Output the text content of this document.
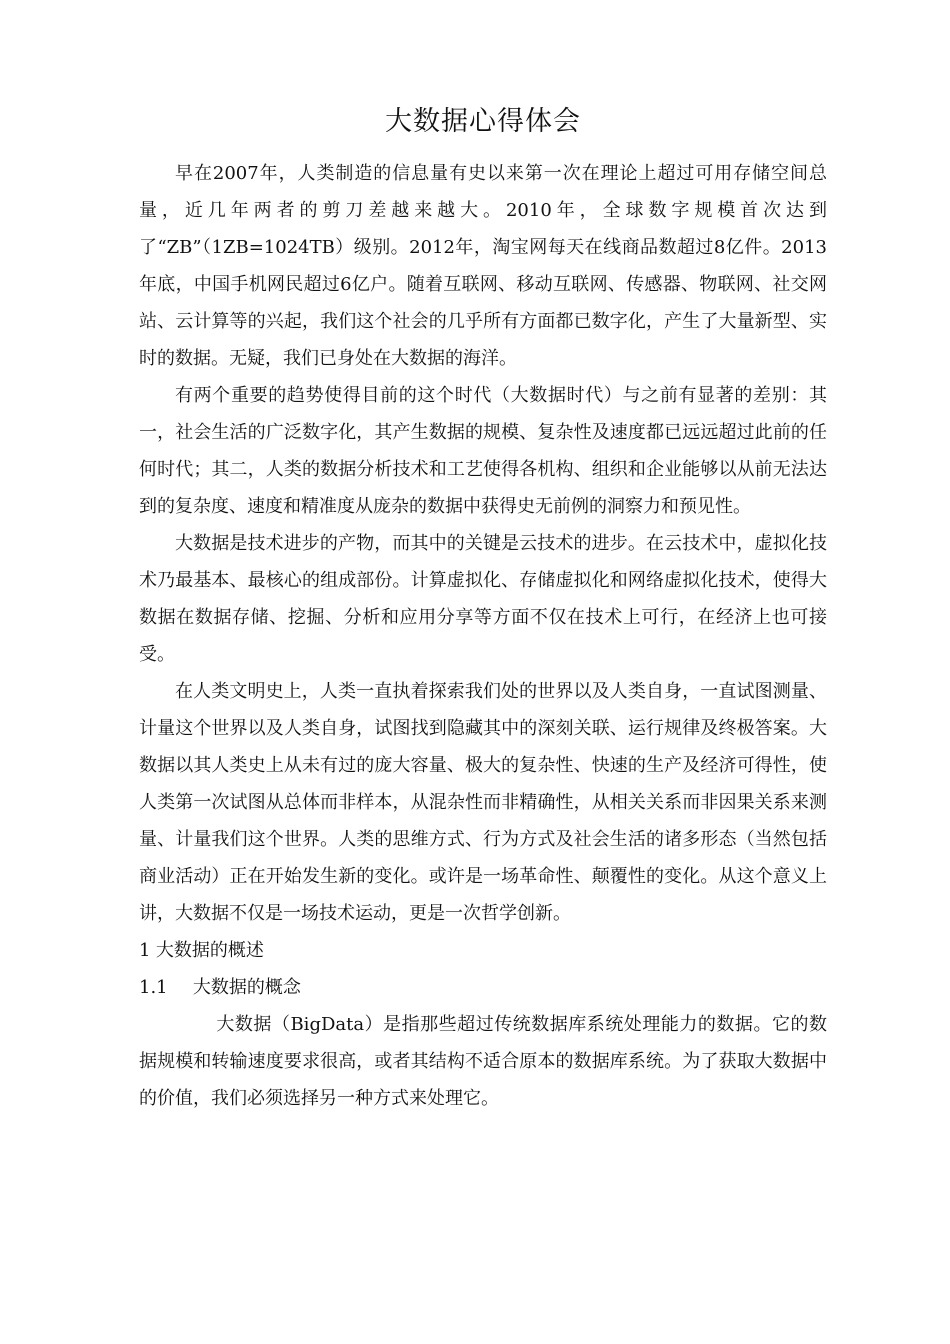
大数据心得体会

早在2007年，人类制造的信息量有史以来第一次在理论上超过可用存储空间总量，近几年两者的剪刀差越来越大。2010年，全球数字规模首次达到了“ZB”（1ZB=1024TB）级别。2012年，淘宝网每天在线商品数超过8亿件。2013年底，中国手机网民超过6亿户。随着互联网、移动互联网、传感器、物联网、社交网站、云计算等的兴起，我们这个社会的几乎所有方面都已数字化，产生了大量新型、实时的数据。无疑，我们已身处在大数据的海洋。

有两个重要的趋势使得目前的这个时代（大数据时代）与之前有显著的差别：其一，社会生活的广泛数字化，其产生数据的规模、复杂性及速度都已远远超过此前的任何时代；其二，人类的数据分析技术和工艺使得各机构、组织和企业能够以从前无法达到的复杂度、速度和精准度从庞杂的数据中获得史无前例的洞察力和预见性。

大数据是技术进步的产物，而其中的关键是云技术的进步。在云技术中，虚拟化技术乃最基本、最核心的组成部份。计算虚拟化、存储虚拟化和网络虚拟化技术，使得大数据在数据存储、挖掘、分析和应用分享等方面不仅在技术上可行，在经济上也可接受。

在人类文明史上，人类一直执着探索我们处的世界以及人类自身，一直试图测量、计量这个世界以及人类自身，试图找到隐藏其中的深刻关联、运行规律及终极答案。大数据以其人类史上从未有过的庞大容量、极大的复杂性、快速的生产及经济可得性，使人类第一次试图从总体而非样本，从混杂性而非精确性，从相关关系而非因果关系来测量、计量我们这个世界。人类的思维方式、行为方式及社会生活的诸多形态（当然包括商业活动）正在开始发生新的变化。或许是一场革命性、颠覆性的变化。从这个意义上讲，大数据不仅是一场技术运动，更是一次哲学创新。

1 大数据的概述
1.1 大数据的概念

大数据（BigData）是指那些超过传统数据库系统处理能力的数据。它的数据规模和转输速度要求很高，或者其结构不适合原本的数据库系统。为了获取大数据中的价值，我们必须选择另一种方式来处理它。
